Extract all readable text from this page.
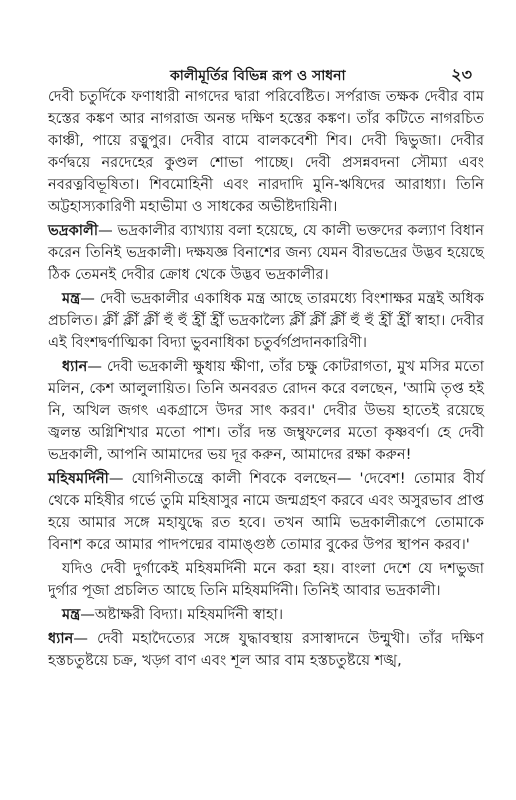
কালীমূর্তির বিভিন্ন রূপ ও সাধনা	২৩

দেবী চতুর্দিকে ফণাধারী নাগদের দ্বারা পরিবেষ্টিত। সর্পরাজ তক্ষক দেবীর বাম হস্তের কঙ্কণ আর নাগরাজ অনন্ত দক্ষিণ হস্তের কঙ্কণ। তাঁর কটিতে নাগরচিত কাঞ্চী, পায়ে রত্নুপুর। দেবীর বামে বালকবেশী শিব। দেবী দ্বিভুজা। দেবীর কর্ণদ্বয়ে নরদেহের কুণ্ডল শোভা পাচ্ছে। দেবী প্রসন্নবদনা সৌম্যা এবং নবরত্নবিভূষিতা। শিবমোহিনী এবং নারদাদি মুনি-ঋষিদের আরাধ্যা। তিনি অট্টহাস্যকারিণী মহাভীমা ও সাধকের অভীষ্টদায়িনী।

ভদ্রকালী— ভদ্রকালীর ব্যাখ্যায় বলা হয়েছে, যে কালী ভক্তদের কল্যাণ বিধান করেন তিনিই ভদ্রকালী। দক্ষযজ্ঞ বিনাশের জন্য যেমন বীরভদ্রের উদ্ভব হয়েছে ঠিক তেমনই দেবীর ক্রোধ থেকে উদ্ভব ভদ্রকালীর।

মন্ত্র— দেবী ভদ্রকালীর একাধিক মন্ত্র আছে তারমধ্যে বিংশাক্ষর মন্ত্রই অধিক প্রচলিত। ক্লীঁ ক্লীঁ ক্লীঁ হুঁ হুঁ হ্রীঁ হ্রীঁ ভদ্রকাল্যৈ ক্লীঁ ক্লীঁ ক্লীঁ হুঁ হুঁ হ্রীঁ হ্রীঁ স্বাহা। দেবীর এই বিংশদ্বর্ণাত্মিকা বিদ্যা ভুবনাধিকা চতুর্বর্গপ্রদানকারিণী।

ধ্যান— দেবী ভদ্রকালী ক্ষুধায় ক্ষীণা, তাঁর চক্ষু কোটরাগতা, মুখ মসির মতো মলিন, কেশ আলুলায়িত। তিনি অনবরত রোদন করে বলছেন, 'আমি তৃপ্ত হই নি, অখিল জগৎ একগ্রাসে উদর সাৎ করব।' দেবীর উভয় হাতেই রয়েছে জ্বলন্ত অগ্নিশিখার মতো পাশ। তাঁর দন্ত জম্বুফলের মতো কৃষ্ণবর্ণ। হে দেবী ভদ্রকালী, আপনি আমাদের ভয় দূর করুন, আমাদের রক্ষা করুন!

মহিষমর্দিনী— যোগিনীতন্ত্রে কালী শিবকে বলছেন— 'দেবেশ! তোমার বীর্য থেকে মহিষীর গর্ভে তুমি মহিষাসুর নামে জন্মগ্রহণ করবে এবং অসুরভাব প্রাপ্ত হয়ে আমার সঙ্গে মহাযুদ্ধে রত হবে। তখন আমি ভদ্রকালীরূপে তোমাকে বিনাশ করে আমার পাদপদ্মের বামাঙ্গুষ্ঠ তোমার বুকের উপর স্থাপন করব।'

যদিও দেবী দুর্গাকেই মহিষমর্দিনী মনে করা হয়। বাংলা দেশে যে দশভুজা দুর্গার পূজা প্রচলিত আছে তিনি মহিষমর্দিনী। তিনিই আবার ভদ্রকালী।

মন্ত্র—অষ্টাক্ষরী বিদ্যা। মহিষমর্দিনী স্বাহা।

ধ্যান— দেবী মহাদৈত্যের সঙ্গে যুদ্ধাবস্থায় রসাস্বাদনে উন্মুখী। তাঁর দক্ষিণ হস্তচতুষ্টয়ে চক্র, খড়্গ বাণ এবং শূল আর বাম হস্তচতুষ্টয়ে শঙ্খ,
